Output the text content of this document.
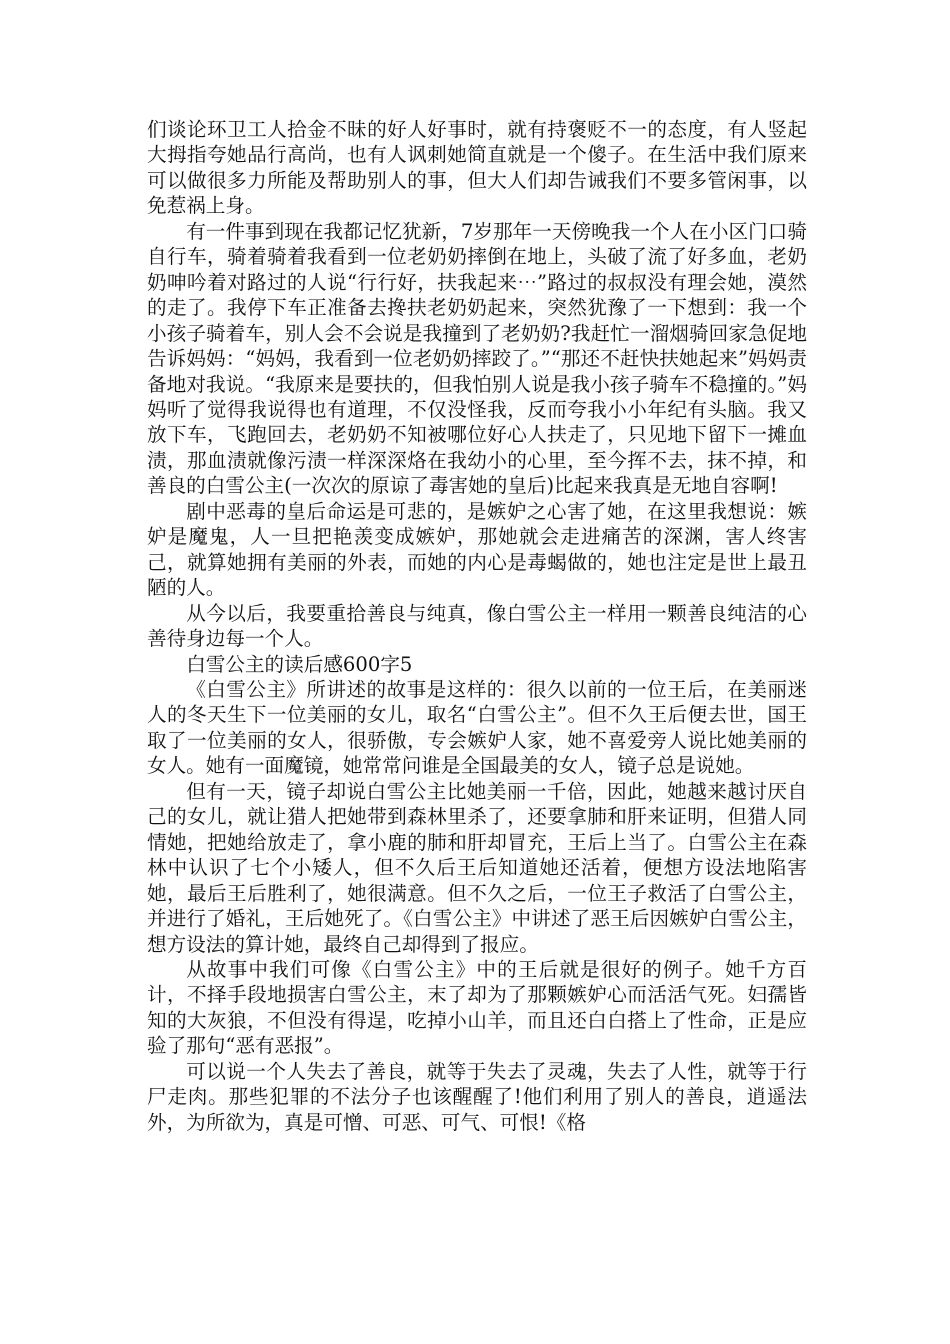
们谈论环卫工人拾金不昧的好人好事时，就有持褒贬不一的态度，有人竖起大拇指夸她品行高尚，也有人讽刺她简直就是一个傻子。在生活中我们原来可以做很多力所能及帮助别人的事，但大人们却告诫我们不要多管闲事，以免惹祸上身。

有一件事到现在我都记忆犹新，7岁那年一天傍晚我一个人在小区门口骑自行车，骑着骑着我看到一位老奶奶摔倒在地上，头破了流了好多血，老奶奶呻吟着对路过的人说“行行好，扶我起来⋯”路过的叔叔没有理会她，漠然的走了。我停下车正准备去搀扶老奶奶起来，突然犹豫了一下想到：我一个小孩子骑着车，别人会不会说是我撞到了老奶奶?我赶忙一溜烟骑回家急促地告诉妈妈：“妈妈，我看到一位老奶奶摔跤了。”“那还不赶快扶她起来”妈妈责备地对我说。“我原来是要扶的，但我怕别人说是我小孩子骑车不稳撞的。”妈妈听了觉得我说得也有道理，不仅没怪我，反而夸我小小年纪有头脑。我又放下车，飞跑回去，老奶奶不知被哪位好心人扶走了，只见地下留下一摊血渍，那血渍就像污渍一样深深烙在我幼小的心里，至今挥不去，抹不掉，和善良的白雪公主(一次次的原谅了毒害她的皇后)比起来我真是无地自容啊!

剧中恶毒的皇后命运是可悲的，是嫉妒之心害了她，在这里我想说：嫉妒是魔鬼，人一旦把艳羡变成嫉妒，那她就会走进痛苦的深渊，害人终害己，就算她拥有美丽的外表，而她的内心是毒蝎做的，她也注定是世上最丑陋的人。

从今以后，我要重拾善良与纯真，像白雪公主一样用一颗善良纯洁的心善待身边每一个人。

白雪公主的读后感600字5

《白雪公主》所讲述的故事是这样的：很久以前的一位王后，在美丽迷人的冬天生下一位美丽的女儿，取名“白雪公主”。但不久王后便去世，国王取了一位美丽的女人，很骄傲，专会嫉妒人家，她不喜爱旁人说比她美丽的女人。她有一面魔镜，她常常问谁是全国最美的女人，镜子总是说她。

但有一天，镜子却说白雪公主比她美丽一千倍，因此，她越来越讨厌自己的女儿，就让猎人把她带到森林里杀了，还要拿肺和肝来证明，但猎人同情她，把她给放走了，拿小鹿的肺和肝却冒充，王后上当了。白雪公主在森林中认识了七个小矮人，但不久后王后知道她还活着，便想方设法地陷害她，最后王后胜利了，她很满意。但不久之后，一位王子救活了白雪公主，并进行了婚礼，王后她死了。《白雪公主》中讲述了恶王后因嫉妒白雪公主，想方设法的算计她，最终自己却得到了报应。

从故事中我们可像《白雪公主》中的王后就是很好的例子。她千方百计，不择手段地损害白雪公主，末了却为了那颗嫉妒心而活活气死。妇孺皆知的大灰狼，不但没有得逞，吃掉小山羊，而且还白白搭上了性命，正是应验了那句“恶有恶报”。

可以说一个人失去了善良，就等于失去了灵魂，失去了人性，就等于行尸走肉。那些犯罪的不法分子也该醒醒了!他们利用了别人的善良，逍遥法外，为所欲为，真是可憎、可恶、可气、可恨!《格
